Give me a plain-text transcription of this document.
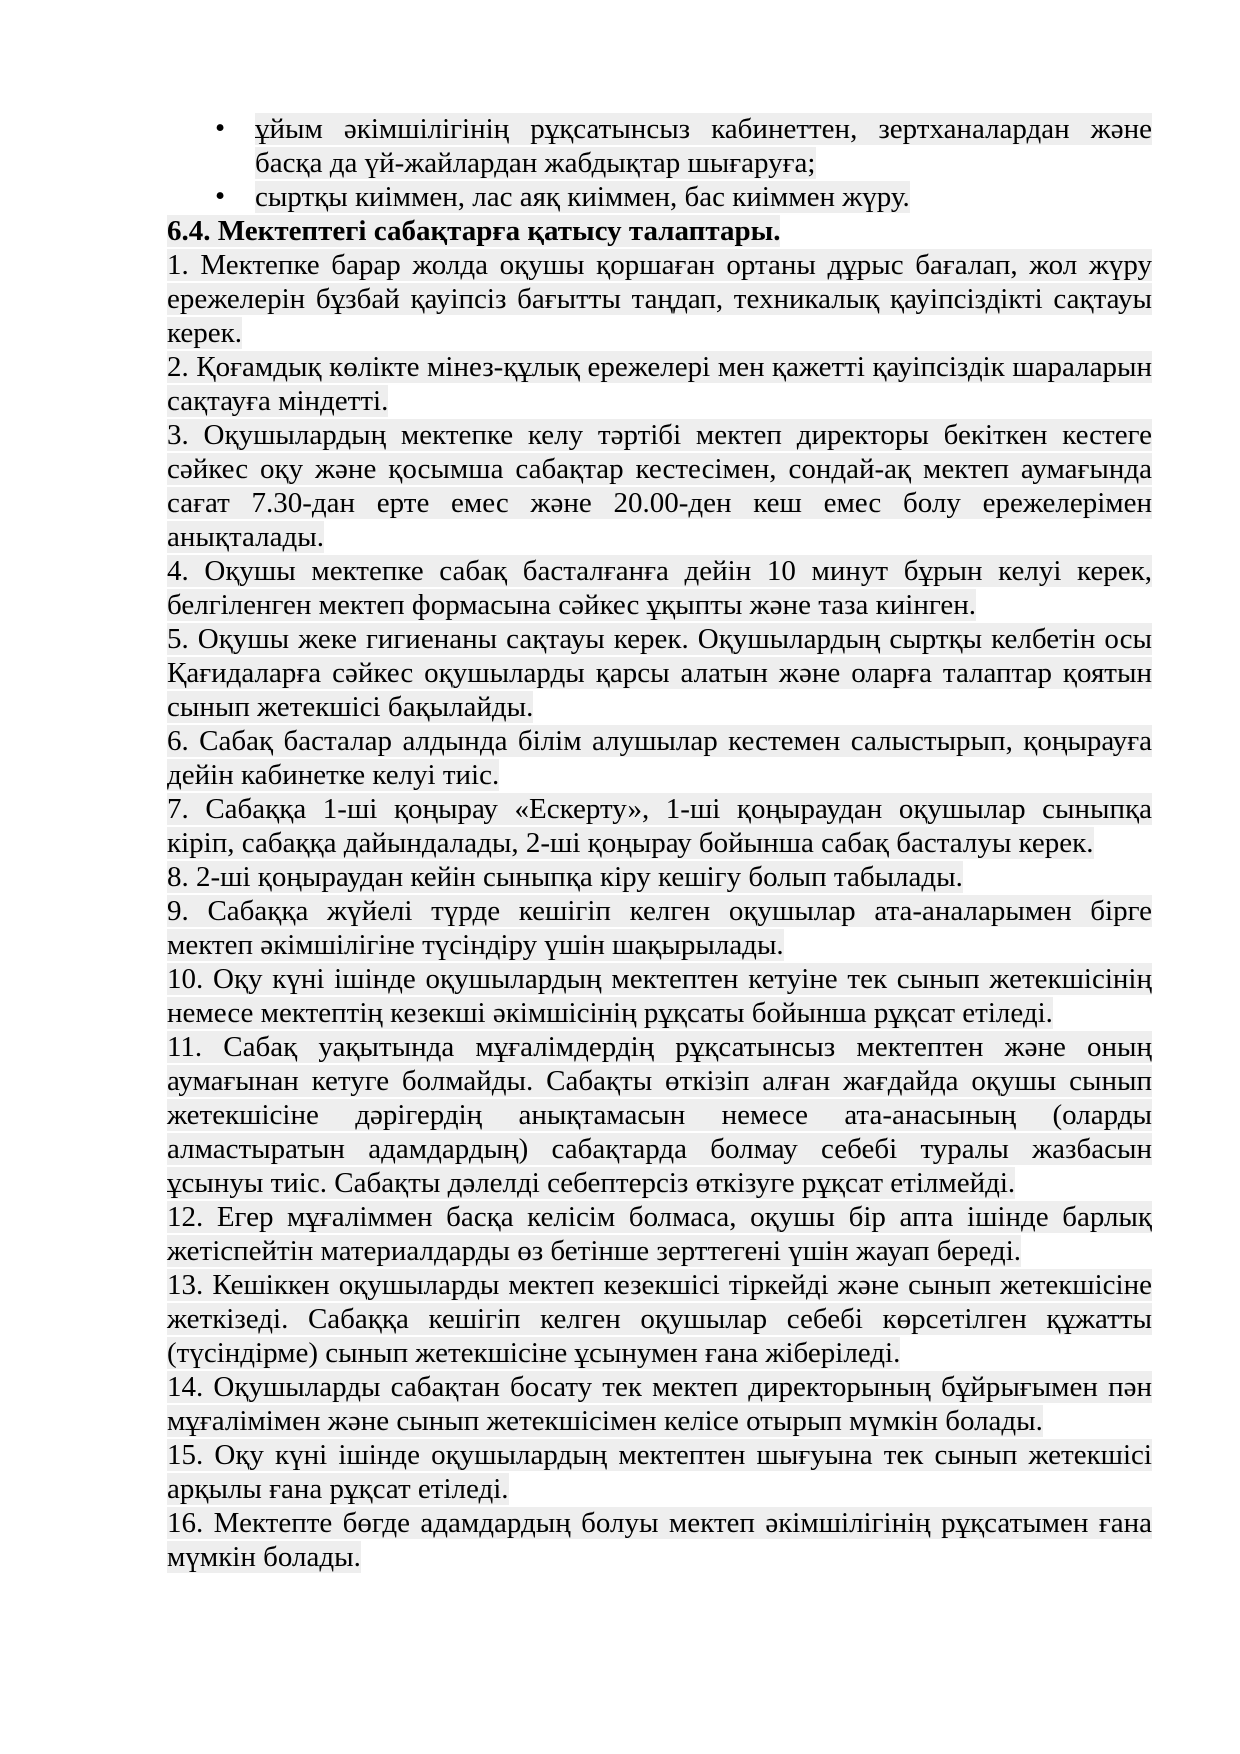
• ұйым әкімшілігінің рұқсатынсыз кабинеттен, зертханалардан және басқа да үй-жайлардан жабдықтар шығаруға;
• сыртқы киіммен, лас аяқ киіммен, бас киіммен жүру.
6.4. Мектептегі сабақтарға қатысу талаптары.

1. Мектепке барар жолда оқушы қоршаған ортаны дұрыс бағалап, жол жүру ережелерін бұзбай қауіпсіз бағытты таңдап, техникалық қауіпсіздікті сақтауы керек.

2. Қоғамдық көлікте мінез-құлық ережелері мен қажетті қауіпсіздік шараларын сақтауға міндетті.

3. Оқушылардың мектепке келу тәртібі мектеп директоры бекіткен кестеге сәйкес оқу және қосымша сабақтар кестесімен, сондай-ақ мектеп аумағында сағат 7.30-дан ерте емес және 20.00-ден кеш емес болу ережелерімен анықталады.

4. Оқушы мектепке сабақ басталғанға дейін 10 минут бұрын келуі керек, белгіленген мектеп формасына сәйкес ұқыпты және таза киінген.

5. Оқушы жеке гигиенаны сақтауы керек. Оқушылардың сыртқы келбетін осы Қағидаларға сәйкес оқушыларды қарсы алатын және оларға талаптар қоятын сынып жетекшісі бақылайды.

6. Сабақ басталар алдында білім алушылар кестемен салыстырып, қоңырауға дейін кабинетке келуі тиіс.

7. Сабаққа 1-ші қоңырау «Ескерту», 1-ші қоңыраудан оқушылар сыныпқа кіріп, сабаққа дайындалады, 2-ші қоңырау бойынша сабақ басталуы керек.

8. 2-ші қоңыраудан кейін сыныпқа кіру кешігу болып табылады.

9. Сабаққа жүйелі түрде кешігіп келген оқушылар ата-аналарымен бірге мектеп әкімшілігіне түсіндіру үшін шақырылады.

10. Оқу күні ішінде оқушылардың мектептен кетуіне тек сынып жетекшісінің немесе мектептің кезекші әкімшісінің рұқсаты бойынша рұқсат етіледі.

11. Сабақ уақытында мұғалімдердің рұқсатынсыз мектептен және оның аумағынан кетуге болмайды. Сабақты өткізіп алған жағдайда оқушы сынып жетекшісіне дәрігердің анықтамасын немесе ата-анасының (оларды алмастыратын адамдардың) сабақтарда болмау себебі туралы жазбасын ұсынуы тиіс. Сабақты дәлелді себептерсіз өткізуге рұқсат етілмейді.

12. Егер мұғаліммен басқа келісім болмаса, оқушы бір апта ішінде барлық жетіспейтін материалдарды өз бетінше зерттегені үшін жауап береді.

13. Кешіккен оқушыларды мектеп кезекшісі тіркейді және сынып жетекшісіне жеткізеді. Сабаққа кешігіп келген оқушылар себебі көрсетілген құжатты (түсіндірме) сынып жетекшісіне ұсынумен ғана жіберіледі.

14. Оқушыларды сабақтан босату тек мектеп директорының бұйрығымен пән мұғалімімен және сынып жетекшісімен келісе отырып мүмкін болады.

15. Оқу күні ішінде оқушылардың мектептен шығуына тек сынып жетекшісі арқылы ғана рұқсат етіледі.

16. Мектепте бөгде адамдардың болуы мектеп әкімшілігінің рұқсатымен ғана мүмкін болады.
